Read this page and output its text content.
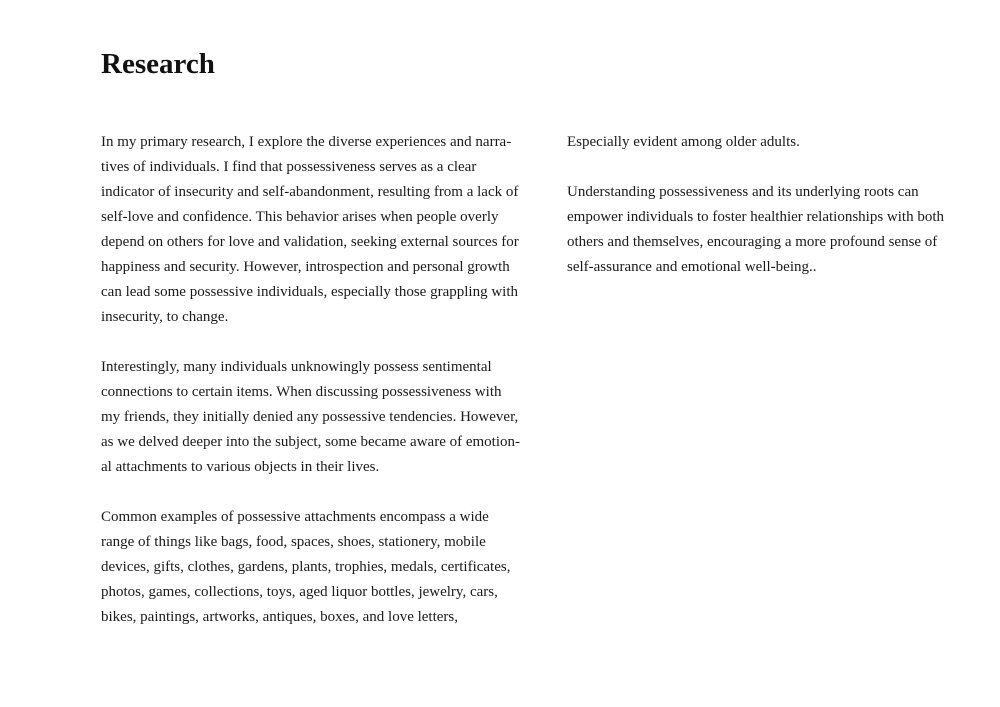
Research
In my primary research, I explore the diverse experiences and narra-
tives of individuals. I find that possessiveness serves as a clear
indicator of insecurity and self-abandonment, resulting from a lack of
self-love and confidence. This behavior arises when people overly
depend on others for love and validation, seeking external sources for
happiness and security. However, introspection and personal growth
can lead some possessive individuals, especially those grappling with
insecurity, to change.
Interestingly, many individuals unknowingly possess sentimental
connections to certain items. When discussing possessiveness with
my friends, they initially denied any possessive tendencies. However,
as we delved deeper into the subject, some became aware of emotion-
al attachments to various objects in their lives.
Common examples of possessive attachments encompass a wide
range of things like bags, food, spaces, shoes, stationery, mobile
devices, gifts, clothes, gardens, plants, trophies, medals, certificates,
photos, games, collections, toys, aged liquor bottles, jewelry, cars,
bikes, paintings, artworks, antiques, boxes, and love letters,
Especially evident among older adults.
Understanding possessiveness and its underlying roots can
empower individuals to foster healthier relationships with both
others and themselves, encouraging a more profound sense of
self-assurance and emotional well-being..
